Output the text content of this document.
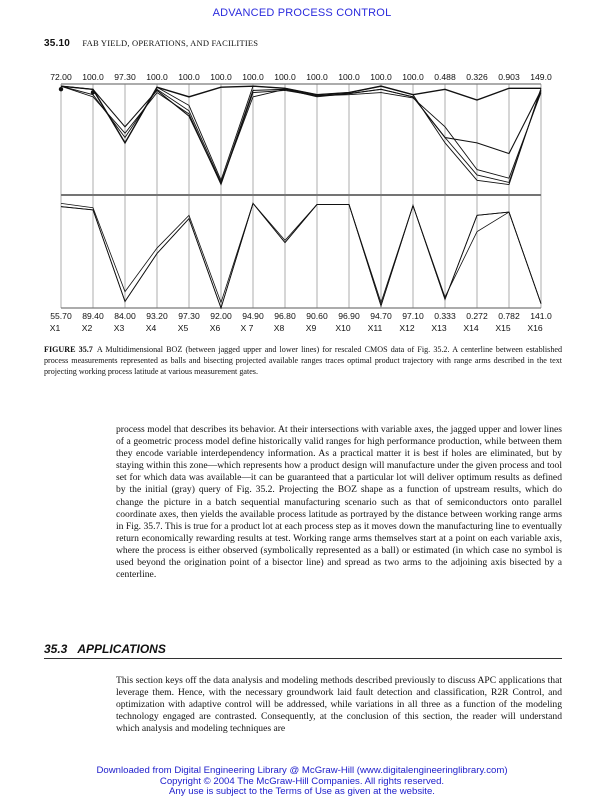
ADVANCED PROCESS CONTROL
35.10 FAB YIELD, OPERATIONS, AND FACILITIES
72.00 100.0 97.30 100.0 100.0 100.0 100.0 100.0 100.0 100.0 100.0 100.0 0.488 0.326 0.903 149.0
55.70 89.40 84.00 93.20 97.30 92.00 94.90 96.80 90.60 96.90 94.70 97.10 0.333 0.272 0.782 141.0
X1 X2 X3 X4 X5 X6 X 7 X8 X9 X10 X11 X12 X13 X14 X15 X16
FIGURE 35.7 A Multidimensional BOZ (between jagged upper and lower lines) for rescaled CMOS data of Fig. 35.2. A centerline between established process measurements represented as balls and bisecting projected available ranges traces optimal product trajectory with range arms described in the text projecting working process latitude at various measurement gates.

process model that describes its behavior. At their intersections with variable axes, the jagged upper and lower lines of a geometric process model define historically valid ranges for high performance production, while between them they encode variable interdependency information. As a practical matter it is best if holes are eliminated, but by staying within this zone—which represents how a product design will manufacture under the given process and tool set for which data was available—it can be guaranteed that a particular lot will deliver optimum results as defined by the initial (gray) query of Fig. 35.2. Projecting the BOZ shape as a function of upstream results, which do change the picture in a batch sequential manufacturing scenario such as that of semiconductors onto parallel coordinate axes, then yields the available process latitude as portrayed by the distance between working range arms in Fig. 35.7. This is true for a product lot at each process step as it moves down the manufacturing line to eventually return economically rewarding results at test. Working range arms themselves start at a point on each variable axis, where the process is either observed (symbolically represented as a ball) or estimated (in which case no symbol is used beyond the origination point of a bisector line) and spread as two arms to the adjoining axis bisected by a centerline.

35.3 APPLICATIONS

This section keys off the data analysis and modeling methods described previously to discuss APC applications that leverage them. Hence, with the necessary groundwork laid fault detection and classification, R2R Control, and optimization with adaptive control will be addressed, while variations in all three as a function of the modeling technology engaged are contrasted. Consequently, at the conclusion of this section, the reader will understand which analysis and modeling techniques are

Downloaded from Digital Engineering Library @ McGraw-Hill (www.digitalengineeringlibrary.com)
Copyright © 2004 The McGraw-Hill Companies. All rights reserved.
Any use is subject to the Terms of Use as given at the website.
